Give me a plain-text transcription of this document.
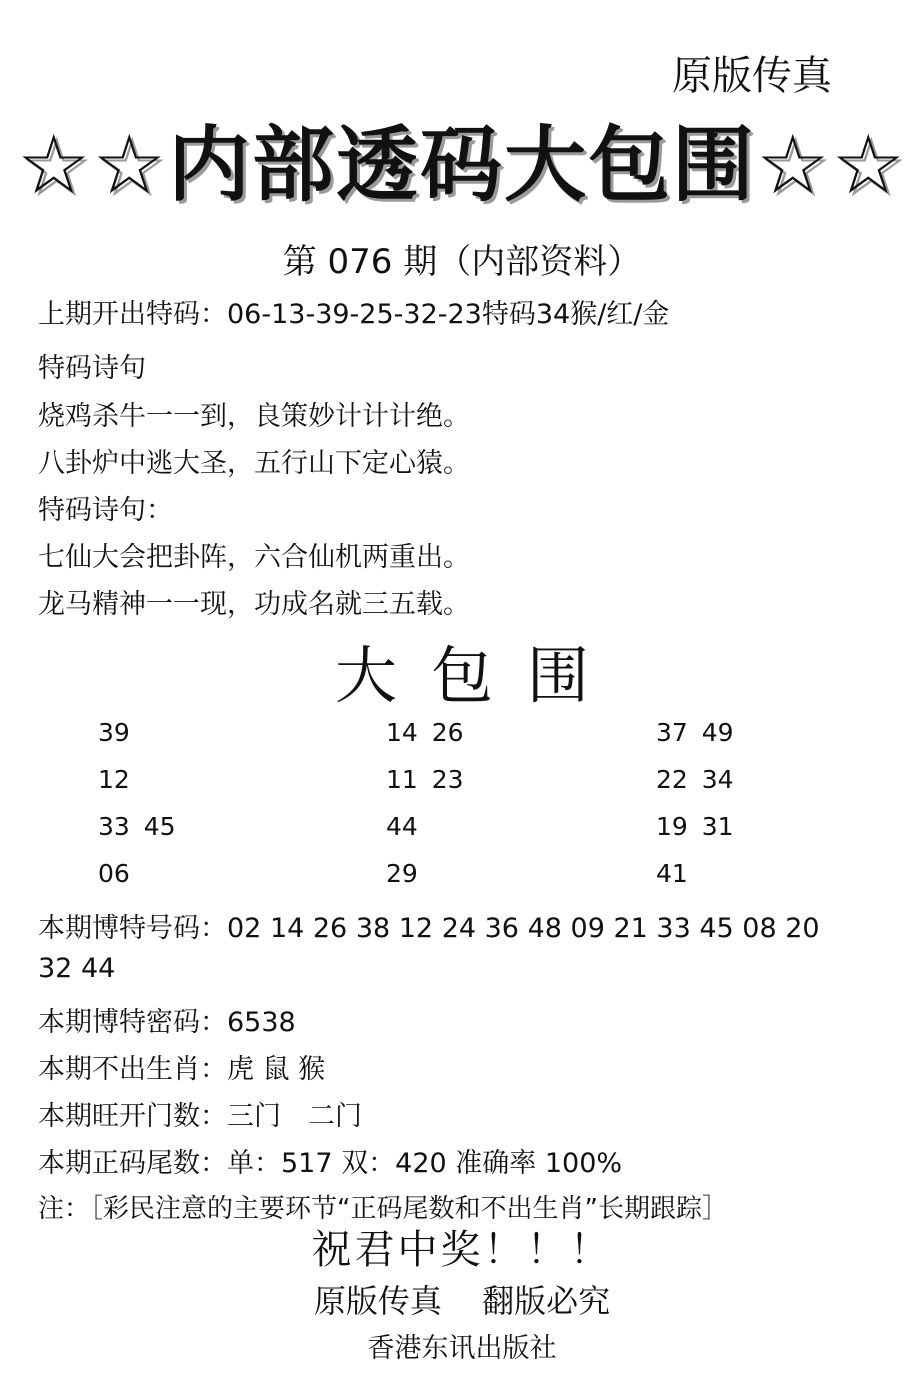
原版传真
☆☆内部透码大包围☆☆
第 076 期（内部资料）
上期开出特码：06-13-39-25-32-23特码34猴/红/金
特码诗句
烧鸡杀牛一一到，良策妙计计计绝。
八卦炉中逃大圣，五行山下定心猿。
特码诗句：
七仙大会把卦阵，六合仙机两重出。
龙马精神一一现，功成名就三五载。
大包围
39	14 26	37 49
12	11 23	22 34
33 45	44	19 31
06	29	41
本期博特号码：02 14 26 38 12 24 36 48 09 21 33 45 08 20
32 44
本期博特密码：6538
本期不出生肖：虎 鼠 猴
本期旺开门数：三门　二门
本期正码尾数：单：517 双：420 准确率 100%
注：［彩民注意的主要环节“正码尾数和不出生肖”长期跟踪］
祝君中奖！！！
原版传真 翻版必究
香港东讯出版社
